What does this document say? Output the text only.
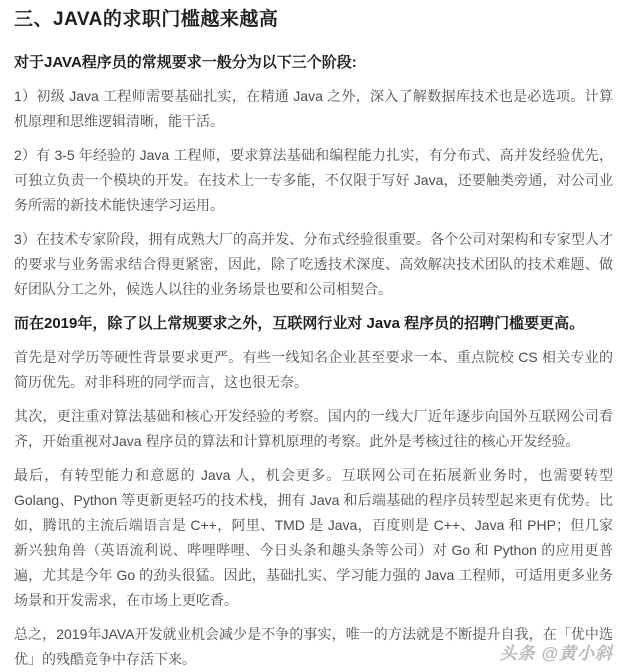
三、JAVA的求职门槛越来越高

对于JAVA程序员的常规要求一般分为以下三个阶段:

1）初级 Java 工程师需要基础扎实，在精通 Java 之外，深入了解数据库技术也是必选项。计算机原理和思维逻辑清晰，能干活。

2）有 3-5 年经验的 Java 工程师，要求算法基础和编程能力扎实，有分布式、高并发经验优先，可独立负责一个模块的开发。在技术上一专多能，不仅限于写好 Java，还要触类旁通，对公司业务所需的新技术能快速学习运用。

3）在技术专家阶段，拥有成熟大厂的高并发、分布式经验很重要。各个公司对架构和专家型人才的要求与业务需求结合得更紧密，因此，除了吃透技术深度、高效解决技术团队的技术难题、做好团队分工之外，候选人以往的业务场景也要和公司相契合。

而在2019年，除了以上常规要求之外，互联网行业对 Java 程序员的招聘门槛要更高。

首先是对学历等硬性背景要求更严。有些一线知名企业甚至要求一本、重点院校 CS 相关专业的简历优先。对非科班的同学而言，这也很无奈。

其次，更注重对算法基础和核心开发经验的考察。国内的一线大厂近年逐步向国外互联网公司看齐，开始重视对Java 程序员的算法和计算机原理的考察。此外是考核过往的核心开发经验。

最后，有转型能力和意愿的 Java 人，机会更多。互联网公司在拓展新业务时，也需要转型 Golang、Python 等更新更轻巧的技术栈，拥有 Java 和后端基础的程序员转型起来更有优势。比如，腾讯的主流后端语言是 C++，阿里、TMD 是 Java，百度则是 C++、Java 和 PHP；但几家新兴独角兽（英语流利说、哔哩哔哩、今日头条和趣头条等公司）对 Go 和 Python 的应用更普遍，尤其是今年 Go 的劲头很猛。因此，基础扎实、学习能力强的 Java 工程师，可适用更多业务场景和开发需求，在市场上更吃香。

总之，2019年JAVA开发就业机会减少是不争的事实，唯一的方法就是不断提升自我，在「优中选优」的残酷竞争中存活下来。	头条 @黄小斜
